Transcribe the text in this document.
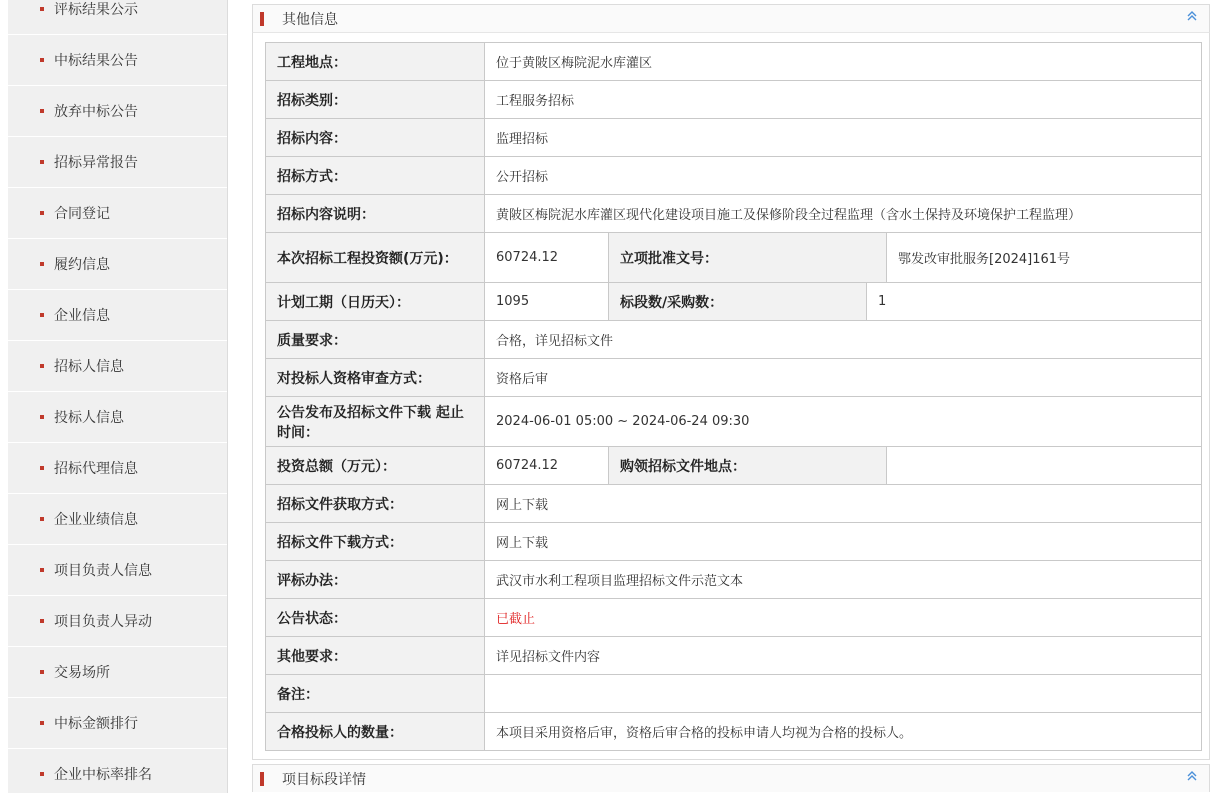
评标结果公示
中标结果公告
放弃中标公告
招标异常报告
合同登记
履约信息
企业信息
招标人信息
投标人信息
招标代理信息
企业业绩信息
项目负责人信息
项目负责人异动
交易场所
中标金额排行
企业中标率排名
其他信息
工程地点：	位于黄陂区梅院泥水库灌区			
招标类别：	工程服务招标			
招标内容：	监理招标			
招标方式：	公开招标			
招标内容说明：	黄陂区梅院泥水库灌区现代化建设项目施工及保修阶段全过程监理（含水土保持及环境保护工程监理）			
本次招标工程投资额(万元)：	60724.12	立项批准文号：		鄂发改审批服务[2024]161号
计划工期（日历天）：	1095	标段数/采购数：	1	
质量要求：	合格，详见招标文件			
对投标人资格审查方式：	资格后审			
公告发布及招标文件下载 起止时间：	2024-06-01 05:00 ~ 2024-06-24 09:30			
投资总额（万元）：	60724.12	购领招标文件地点：		
招标文件获取方式：	网上下载			
招标文件下载方式：	网上下载			
评标办法：	武汉市水利工程项目监理招标文件示范文本			
公告状态：	已截止			
其他要求：	详见招标文件内容			
备注：				
合格投标人的数量：	本项目采用资格后审，资格后审合格的投标申请人均视为合格的投标人。			
项目标段详情
